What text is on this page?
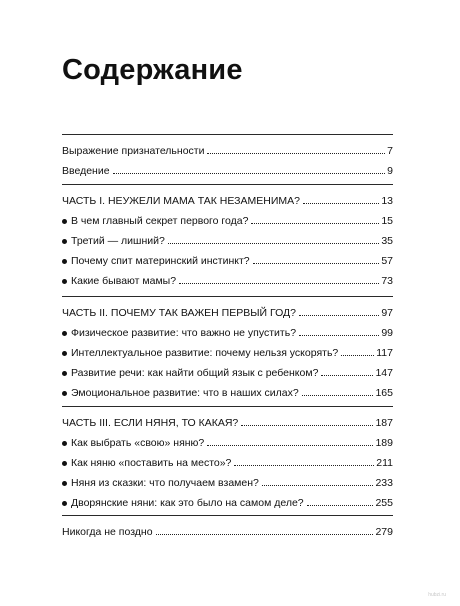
Содержание
Выражение признательности	7
Введение	9
ЧАСТЬ I. НЕУЖЕЛИ МАМА ТАК НЕЗАМЕНИМА?	13
В чем главный секрет первого года?	15
Третий — лишний?	35
Почему спит материнский инстинкт?	57
Какие бывают мамы?	73
ЧАСТЬ II. ПОЧЕМУ ТАК ВАЖЕН ПЕРВЫЙ ГОД?	97
Физическое развитие: что важно не упустить?	99
Интеллектуальное развитие: почему нельзя ускорять?	117
Развитие речи: как найти общий язык с ребенком?	147
Эмоциональное развитие: что в наших силах?	165
ЧАСТЬ III. ЕСЛИ НЯНЯ, ТО КАКАЯ?	187
Как выбрать «свою» няню?	189
Как няню «поставить на место»?	211
Няня из сказки: что получаем взамен?	233
Дворянские няни: как это было на самом деле?	255
Никогда не поздно	279
hubzi.ru
